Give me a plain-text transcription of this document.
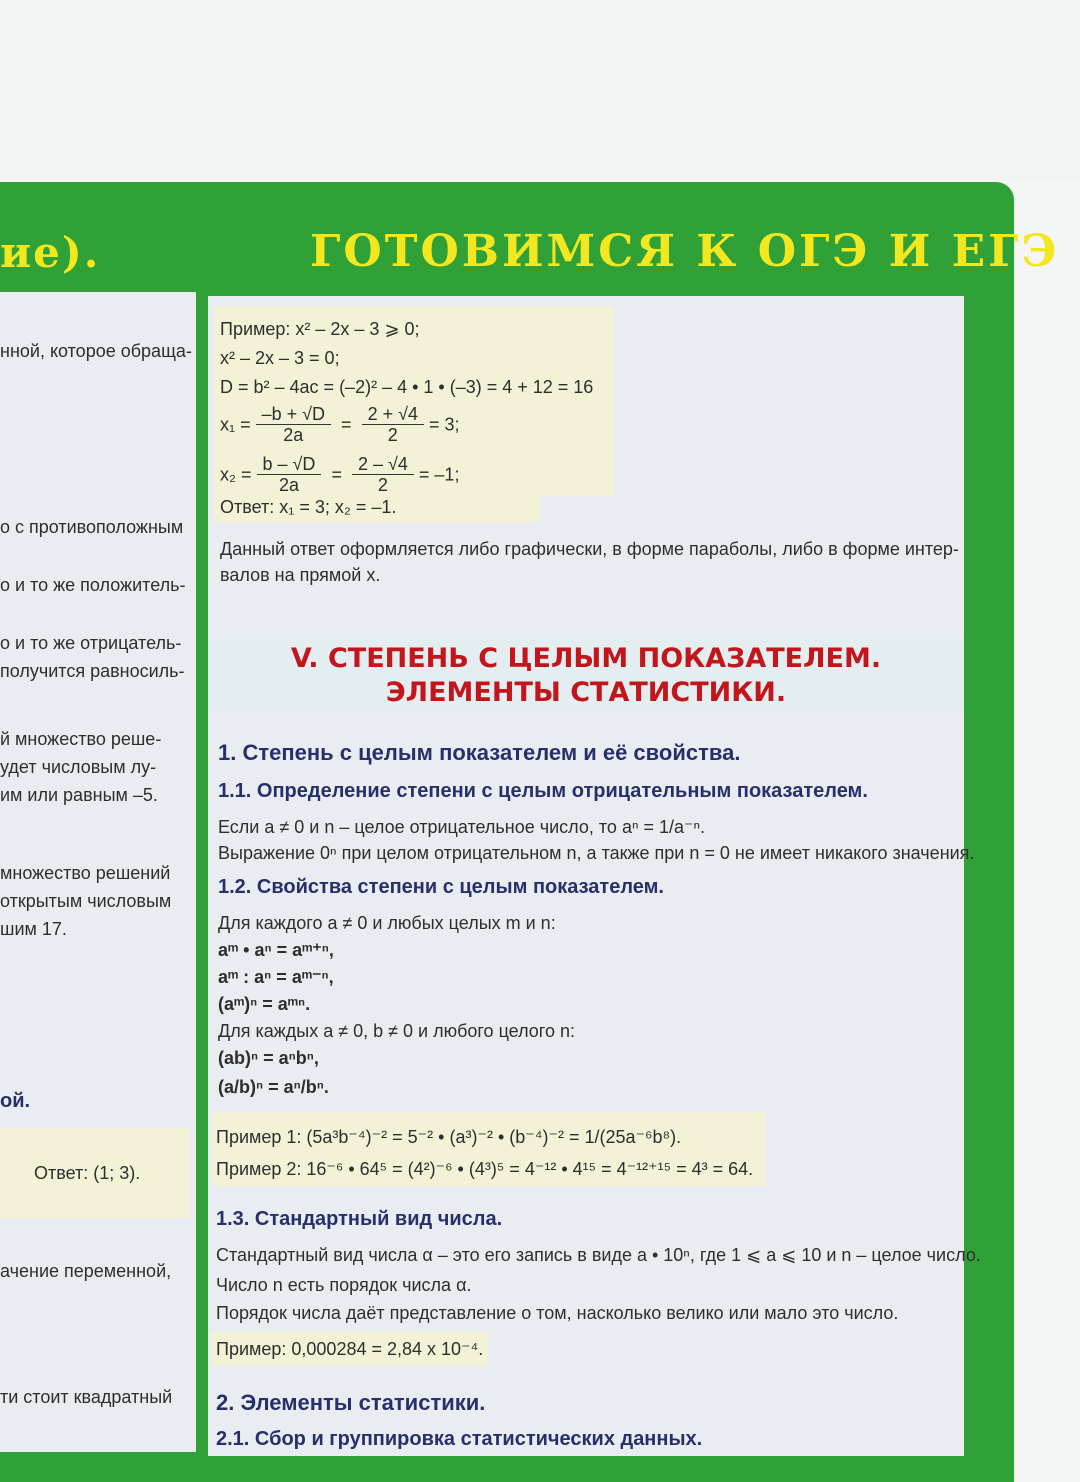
ие).	ГОТОВИМСЯ К ОГЭ И ЕГЭ
нной, которое обраща-
о с противоположным
о и то же положитель-
о и то же отрицатель-
получится равносиль-
й множество реше-
удет числовым лу-
им или равным –5.
множество решений
открытым числовым
шим 17.
ой.
Ответ: (1; 3).
ачение переменной,
ти стоит квадратный
Пример: x² – 2x – 3 ⩾ 0;
x² – 2x – 3 = 0;
D = b² – 4ac = (–2)² – 4 • 1 • (–3) = 4 + 12 = 16
$x_1 = \frac{-b + √D}{2a} = \frac{2 + √4}{2} = 3$;
$x_2 = \frac{b - √D}{2a} = \frac{2 - √4}{2} = -1$;
Ответ: x₁ = 3; x₂ = –1.
Данный ответ оформляется либо графически, в форме параболы, либо в форме интер-
валов на прямой x.
V. СТЕПЕНЬ С ЦЕЛЫМ ПОКАЗАТЕЛЕМ.
ЭЛЕМЕНТЫ СТАТИСТИКИ.
1. Степень с целым показателем и её свойства.
1.1. Определение степени с целым отрицательным показателем.
Если a ≠ 0 и n – целое отрицательное число, то aⁿ = 1/a⁻ⁿ.
Выражение 0ⁿ при целом отрицательном n, а также при n = 0 не имеет никакого значения.
1.2. Свойства степени с целым показателем.
Для каждого a ≠ 0 и любых целых m и n:
aᵐ • aⁿ = aᵐ⁺ⁿ,
aᵐ : aⁿ = aᵐ⁻ⁿ,
(aᵐ)ⁿ = aᵐⁿ.
Для каждых a ≠ 0, b ≠ 0 и любого целого n:
(ab)ⁿ = aⁿbⁿ,
(a/b)ⁿ = aⁿ/bⁿ.
Пример 1: (5a³b⁻⁴)⁻² = 5⁻² • (a³)⁻² • (b⁻⁴)⁻² = 1/(25a⁻⁶b⁸).
Пример 2: 16⁻⁶ • 64⁵ = (4²)⁻⁶ • (4³)⁵ = 4⁻¹² • 4¹⁵ = 4⁻¹²⁺¹⁵ = 4³ = 64.
1.3. Стандартный вид числа.
Стандартный вид числа α – это его запись в виде a • 10ⁿ, где 1 ⩽ a ⩽ 10 и n – целое число.
Число n есть порядок числа α.
Порядок числа даёт представление о том, насколько велико или мало это число.
Пример: 0,000284 = 2,84 x 10⁻⁴.
2. Элементы статистики.
2.1. Сбор и группировка статистических данных.
